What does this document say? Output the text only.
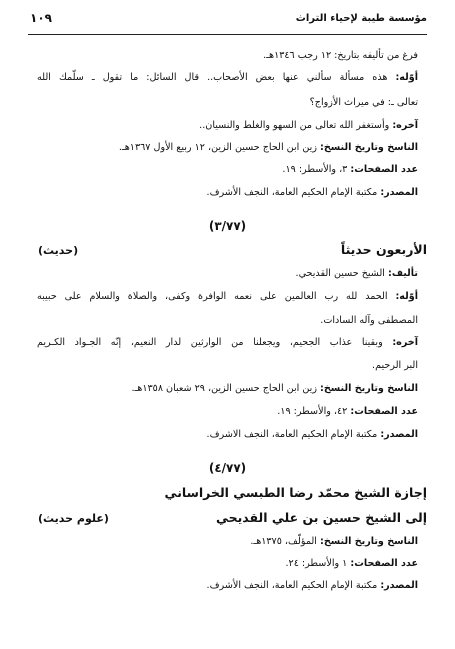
مؤسسة طيبة لإحياء التراث
١٠٩
فرغ من تأليفه بتاريخ: ١٢ رجب ١٣٤٦هـ.
أوّله: هذه مسألة سألني عنها بعض الأصحاب.. قال السائل: ما تقول ـ سلّمك الله
تعالى ـ: في ميراث الأزواج؟
آخره: وأستغفر الله تعالى من السهو والغلط والنسيان..
الناسخ وتاريخ النسخ: زين ابن الحاج حسين الزين، ١٢ ربيع الأول ١٣٦٧هـ.
عدد الصفحات: ٣، والأسطر: ١٩.
المصدر: مكتبة الإمام الحكيم العامة، النجف الأشرف.
(٣/٧٧)
الأربعون حديثاً
(حديث)
تأليف: الشيخ حسين القديحي.
أوّله: الحمد لله رب العالمين على نعمه الوافرة وكفى، والصلاة والسلام على حبيبه
المصطفى وآله السادات.
آخره: وبقينا عذاب الجحيم، ويجعلنا من الوارثين لدار النعيم، إنّه الجـواد الكـريم
البر الرحيم.
الناسخ وتاريخ النسخ: زين ابن الحاج حسين الزين، ٢٩ شعبان ١٣٥٨هـ.
عدد الصفحات: ٤٢، والأسطر: ١٩.
المصدر: مكتبة الإمام الحكيم العامة، النجف الاشرف.
(٤/٧٧)
إجازة الشيخ محمّد رضا الطبسي الخراساني
إلى الشيخ حسين بن علي القديحي
(علوم حديث)
الناسخ وتاريخ النسخ: المؤلّف، ١٣٧٥هـ.
عدد الصفحات: ١ والأسطر: ٢٤.
المصدر: مكتبة الإمام الحكيم العامة، النجف الأشرف.
